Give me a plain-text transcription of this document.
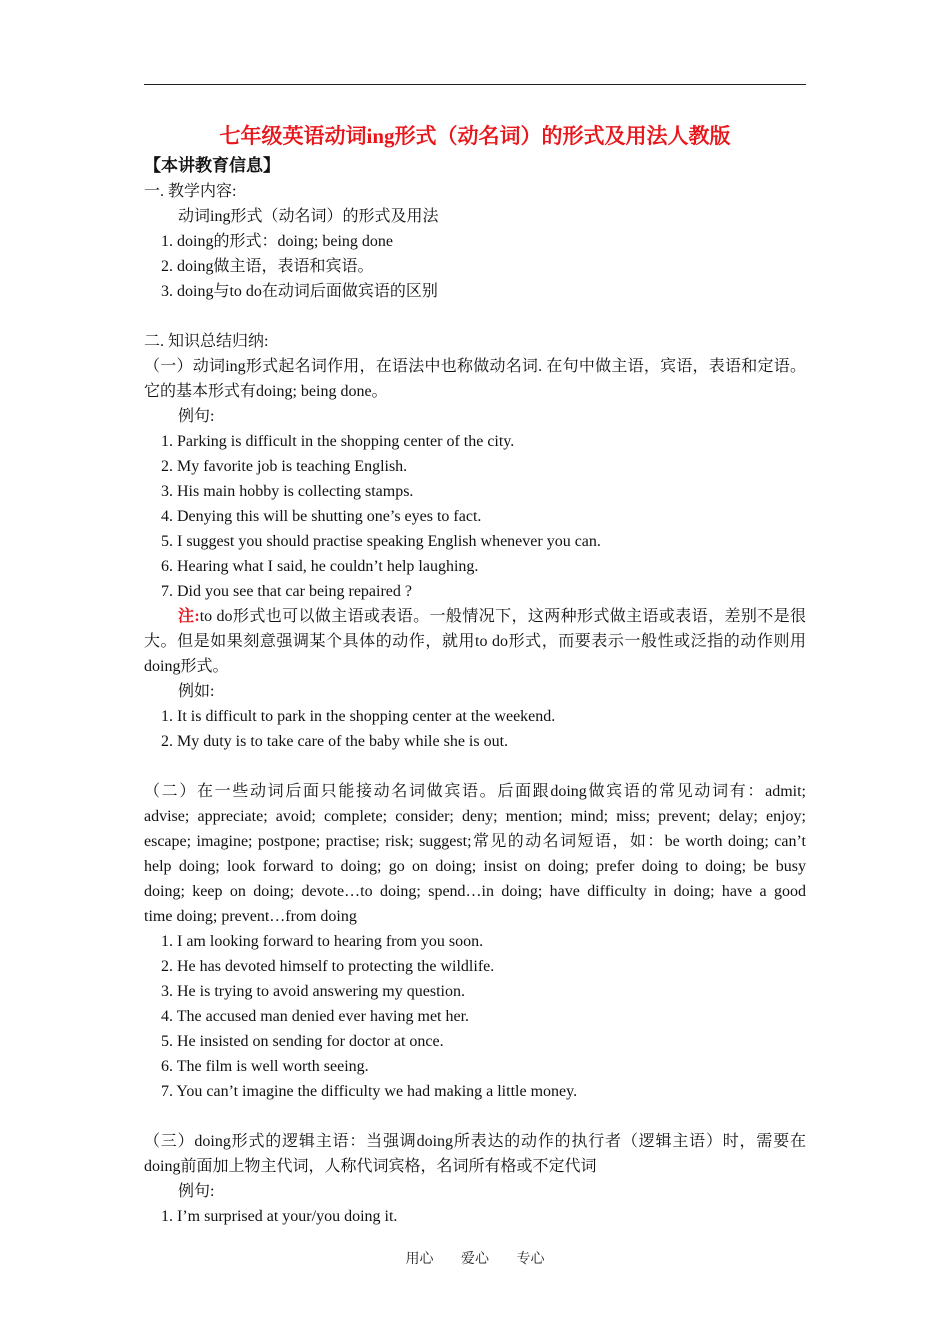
七年级英语动词ing形式（动名词）的形式及用法人教版
【本讲教育信息】
一. 教学内容:
动词ing形式（动名词）的形式及用法
1. doing的形式：doing; being done
2. doing做主语，表语和宾语。
3. doing与to do在动词后面做宾语的区别
二. 知识总结归纳:
（一）动词ing形式起名词作用，在语法中也称做动名词. 在句中做主语，宾语，表语和定语。
它的基本形式有doing; being done。
例句:
1. Parking is difficult in the shopping center of the city.
2. My favorite job is teaching English.
3. His main hobby is collecting stamps.
4. Denying this will be shutting one’s eyes to fact.
5. I suggest you should practise speaking English whenever you can.
6. Hearing what I said, he couldn’t help laughing.
7. Did you see that car being repaired ?
注:to do形式也可以做主语或表语。一般情况下，这两种形式做主语或表语，差别不是很
大。但是如果刻意强调某个具体的动作，就用to do形式，而要表示一般性或泛指的动作则用
doing形式。
例如:
1. It is difficult to park in the shopping center at the weekend.
2. My duty is to take care of the baby while she is out.
（二）在一些动词后面只能接动名词做宾语。后面跟doing做宾语的常见动词有：admit;
advise; appreciate; avoid; complete; consider; deny; mention; mind; miss; prevent; delay; enjoy;
escape; imagine; postpone; practise; risk; suggest;常见的动名词短语，如：be worth doing; can’t
help doing; look forward to doing; go on doing; insist on doing; prefer doing to doing; be busy
doing; keep on doing; devote…to doing; spend…in doing; have difficulty in doing; have a good
time doing; prevent…from doing
1. I am looking forward to hearing from you soon.
2. He has devoted himself to protecting the wildlife.
3. He is trying to avoid answering my question.
4. The accused man denied ever having met her.
5. He insisted on sending for doctor at once.
6. The film is well worth seeing.
7. You can’t imagine the difficulty we had making a little money.
（三）doing形式的逻辑主语：当强调doing所表达的动作的执行者（逻辑主语）时，需要在
doing前面加上物主代词，人称代词宾格，名词所有格或不定代词
例句:
1. I’m surprised at your/you doing it.
用心 爱心 专心
